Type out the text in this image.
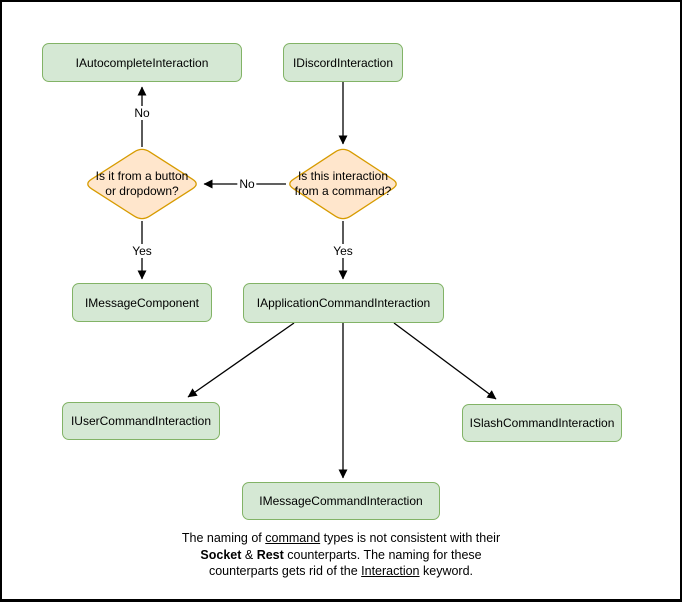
IAutocompleteInteraction	IDiscordInteraction
IMessageComponent	IApplicationCommandInteraction
IUserCommandInteraction	ISlashCommandInteraction
IMessageCommandInteraction
Is it from a button or dropdown?
Is this interaction from a command?
No
No
Yes	Yes
The naming of command types is not consistent with their
Socket & Rest counterparts. The naming for these
counterparts gets rid of the Interaction keyword.
